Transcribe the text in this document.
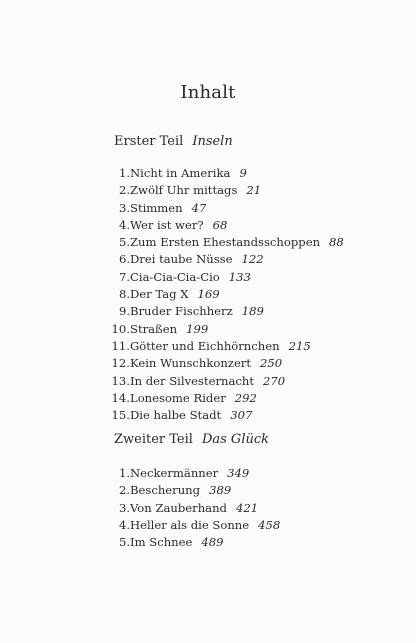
Inhalt
Erster Teil Inseln
1. Nicht in Amerika 9
2. Zwölf Uhr mittags 21
3. Stimmen 47
4. Wer ist wer? 68
5. Zum Ersten Ehestandsschoppen 88
6. Drei taube Nüsse 122
7. Cia-Cia-Cia-Cio 133
8. Der Tag X 169
9. Bruder Fischherz 189
10. Straßen 199
11. Götter und Eichhörnchen 215
12. Kein Wunschkonzert 250
13. In der Silvesternacht 270
14. Lonesome Rider 292
15. Die halbe Stadt 307
Zweiter Teil Das Glück
1. Neckermänner 349
2. Bescherung 389
3. Von Zauberhand 421
4. Heller als die Sonne 458
5. Im Schnee 489
